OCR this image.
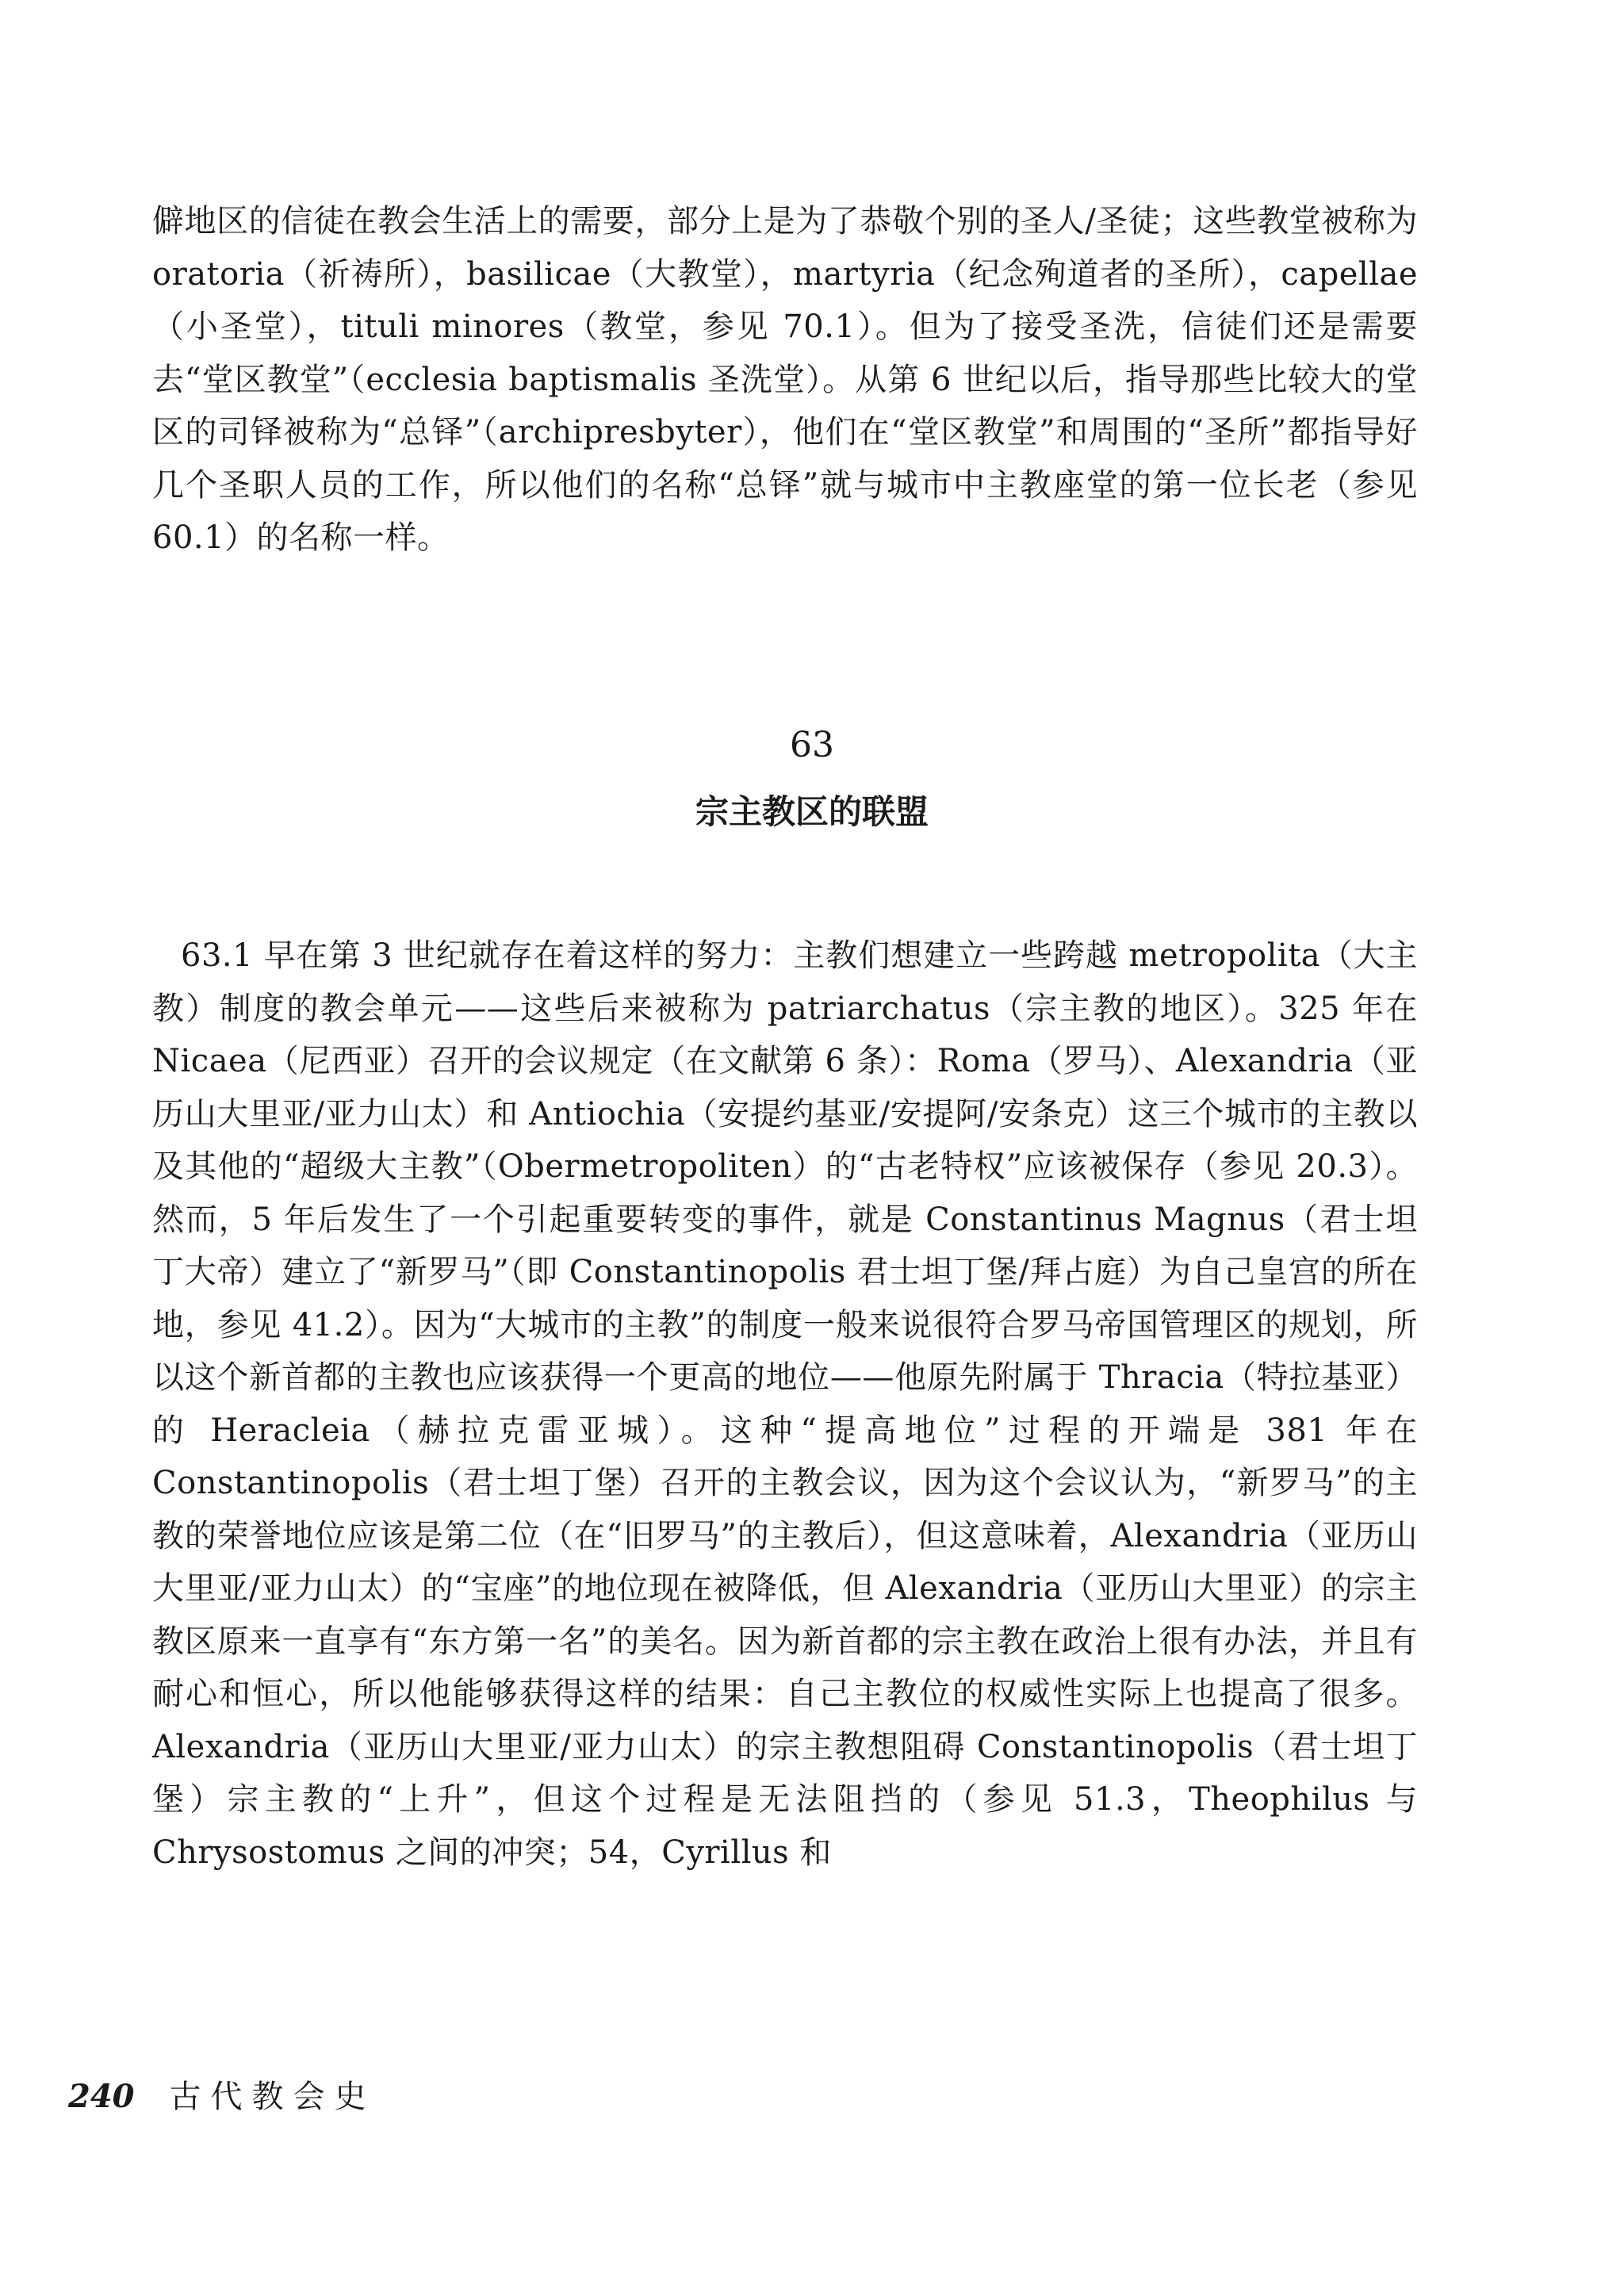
僻地区的信徒在教会生活上的需要，部分上是为了恭敬个别的圣人/圣徒；这些教堂被称为 oratoria（祈祷所），basilicae（大教堂），martyria（纪念殉道者的圣所），capellae（小圣堂），tituli minores（教堂，参见 70.1）。但为了接受圣洗，信徒们还是需要去“堂区教堂”（ecclesia baptismalis 圣洗堂）。从第 6 世纪以后，指导那些比较大的堂区的司铎被称为“总铎”（archipresbyter），他们在“堂区教堂”和周围的“圣所”都指导好几个圣职人员的工作，所以他们的名称“总铎”就与城市中主教座堂的第一位长老（参见 60.1）的名称一样。

63
宗主教区的联盟

63.1 早在第 3 世纪就存在着这样的努力：主教们想建立一些跨越 metropolita（大主教）制度的教会单元——这些后来被称为 patriarchatus（宗主教的地区）。325 年在 Nicaea（尼西亚）召开的会议规定（在文献第 6 条）：Roma（罗马）、Alexandria（亚历山大里亚/亚力山太）和 Antiochia（安提约基亚/安提阿/安条克）这三个城市的主教以及其他的“超级大主教”（Obermetropoliten）的“古老特权”应该被保存（参见 20.3）。然而，5 年后发生了一个引起重要转变的事件，就是 Constantinus Magnus（君士坦丁大帝）建立了“新罗马”（即 Constantinopolis 君士坦丁堡/拜占庭）为自己皇宫的所在地，参见 41.2）。因为“大城市的主教”的制度一般来说很符合罗马帝国管理区的规划，所以这个新首都的主教也应该获得一个更高的地位——他原先附属于 Thracia（特拉基亚）的 Heracleia（赫拉克雷亚城）。这种“提高地位”过程的开端是 381 年在 Constantinopolis（君士坦丁堡）召开的主教会议，因为这个会议认为，“新罗马”的主教的荣誉地位应该是第二位（在“旧罗马”的主教后），但这意味着，Alexandria（亚历山大里亚/亚力山太）的“宝座”的地位现在被降低，但 Alexandria（亚历山大里亚）的宗主教区原来一直享有“东方第一名”的美名。因为新首都的宗主教在政治上很有办法，并且有耐心和恒心，所以他能够获得这样的结果：自己主教位的权威性实际上也提高了很多。Alexandria（亚历山大里亚/亚力山太）的宗主教想阻碍 Constantinopolis（君士坦丁堡）宗主教的“上升”，但这个过程是无法阻挡的（参见 51.3，Theophilus 与 Chrysostomus 之间的冲突；54，Cyrillus 和

240 古代教会史
